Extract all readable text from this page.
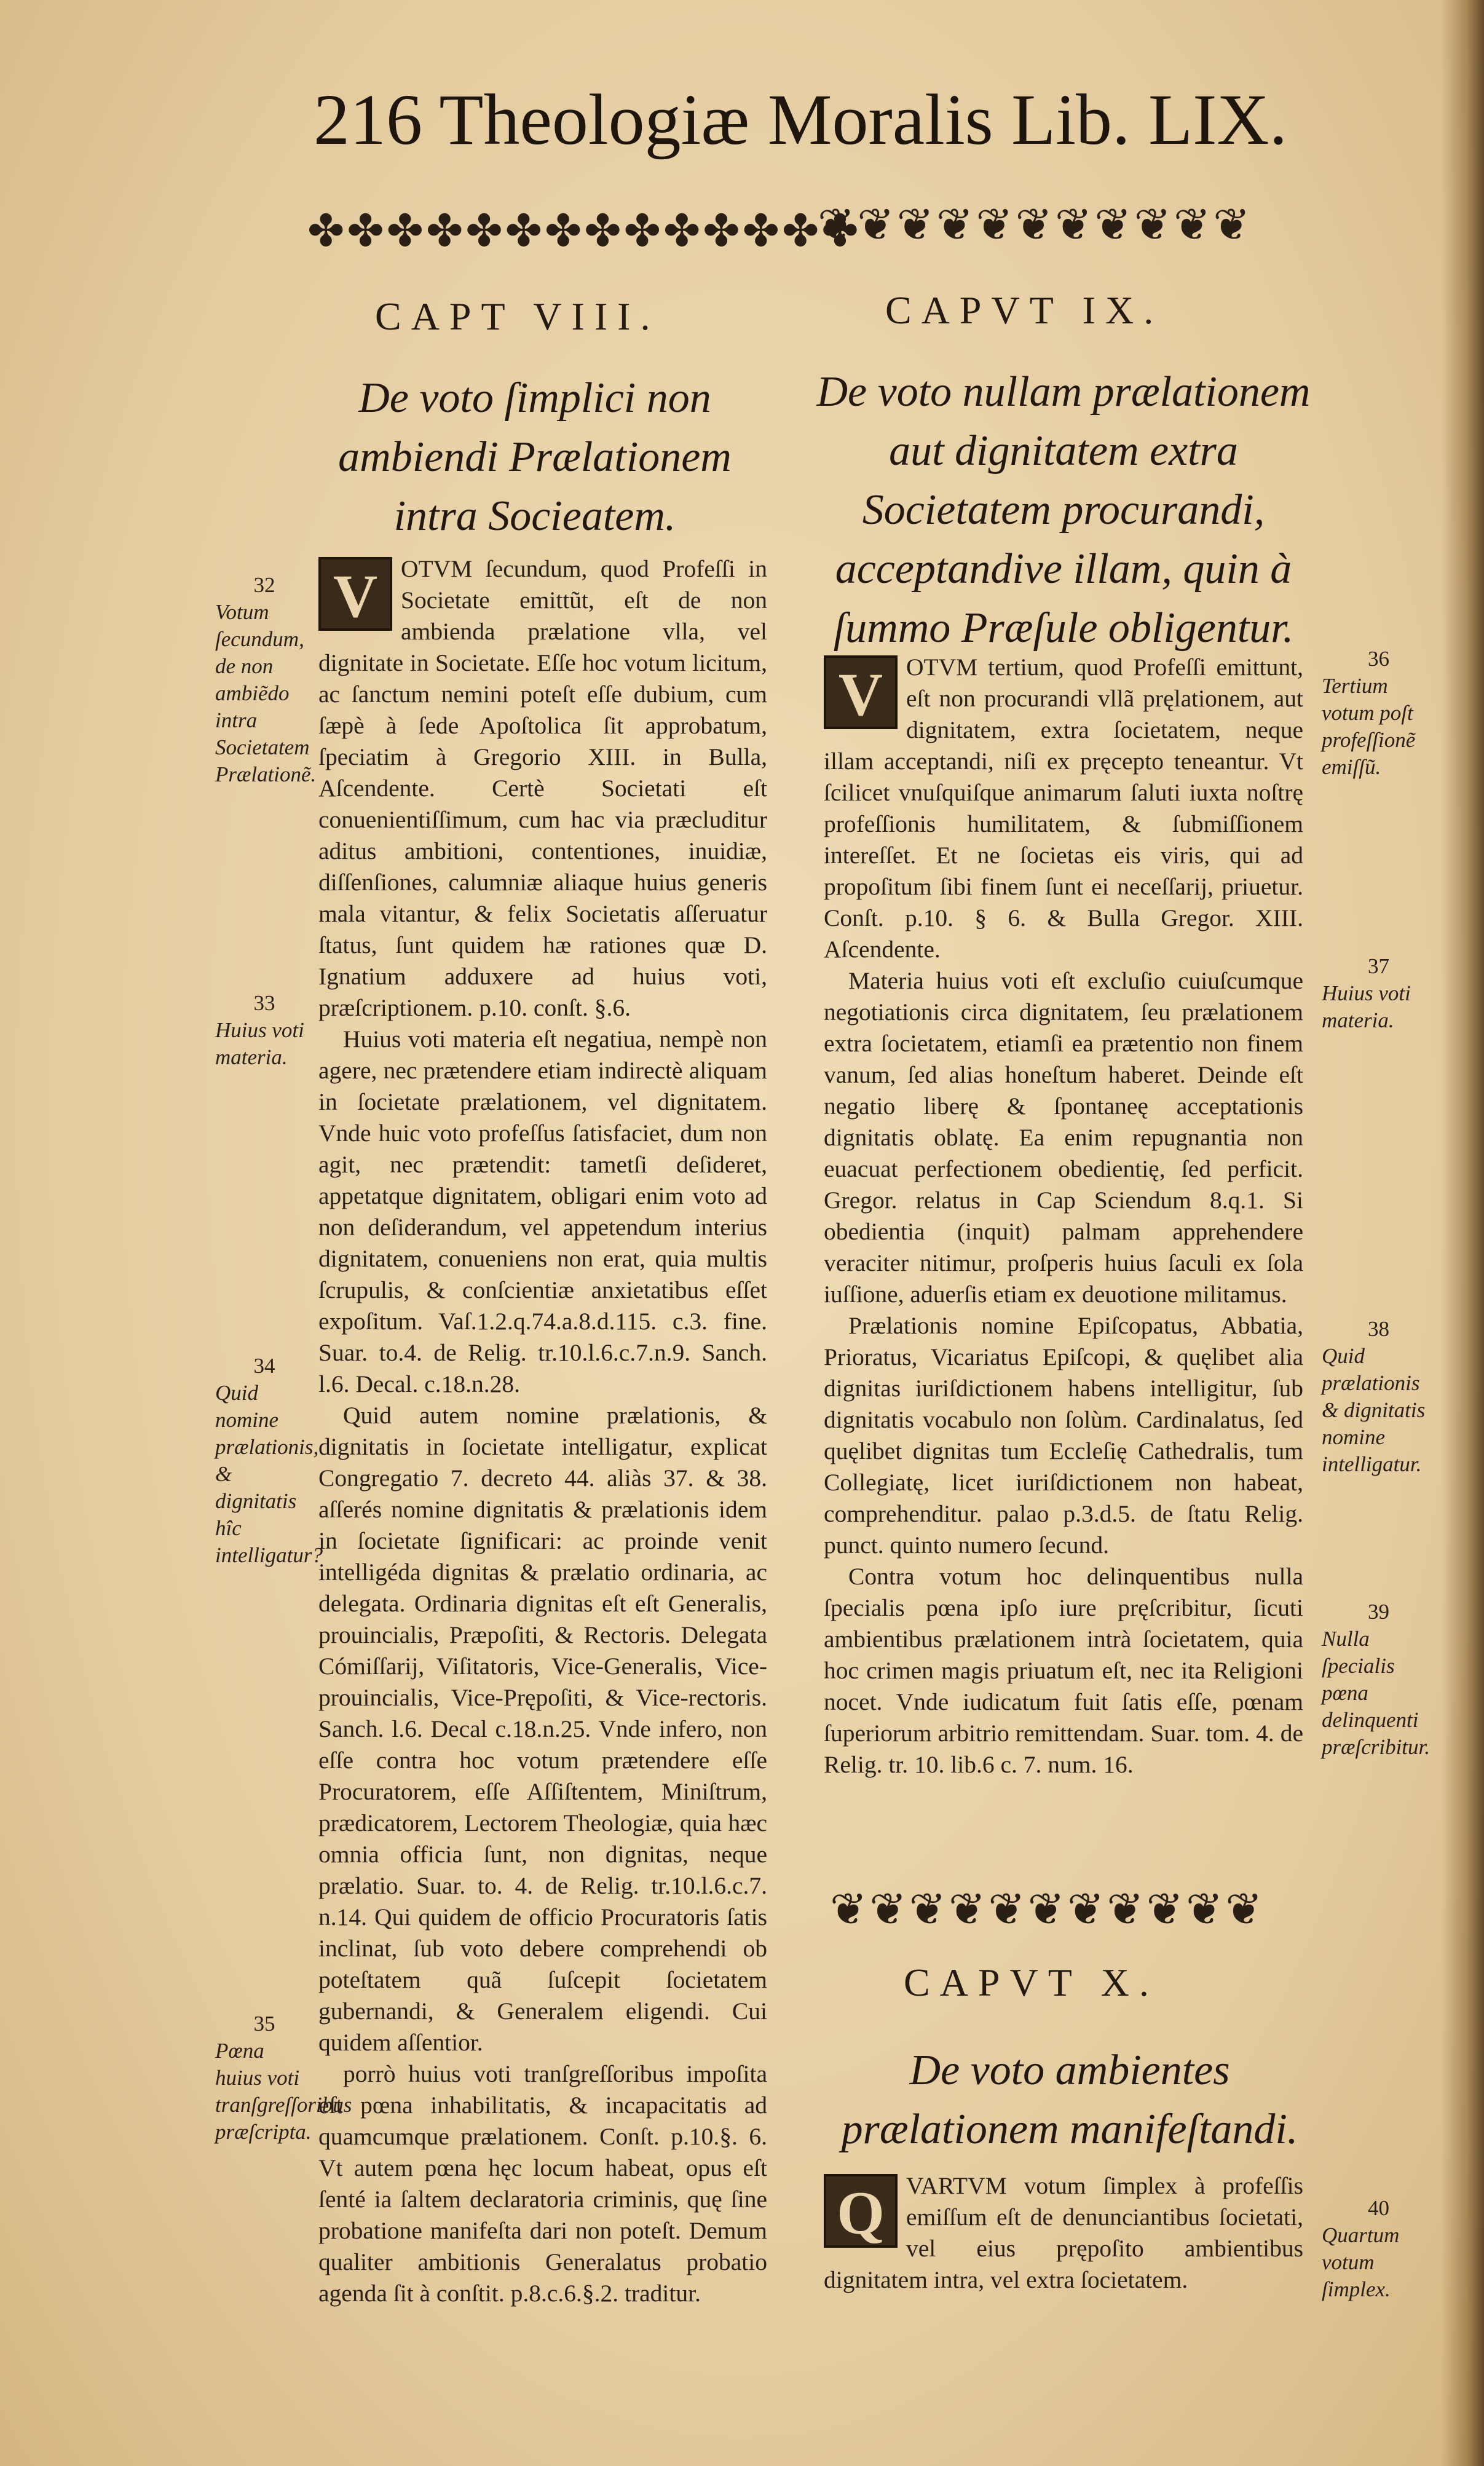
216 Theologiæ Moralis Lib. LIX.
✤✤✤✤✤✤✤✤✤✤✤✤✤✤
❦❦❦❦❦❦❦❦❦❦❦
CAPT VIII.
De voto ſimplici non ambiendi Prælationem intra Socieatem.

V OTVM ſecundum, quod Profeſſi in Societate emittũt, eſt de non ambienda prælatione vlla, vel dignitate in Societate. Eſſe hoc votum licitum, ac ſanctum nemini poteſt eſſe dubium, cum ſæpè à ſede Apoſtolica ſit approbatum, ſpeciatim à Gregorio XIII. in Bulla, Aſcendente. Certè Societati eſt conuenientiſſimum, cum hac via præcluditur aditus ambitioni, contentiones, inuidiæ, diſſenſiones, calumniæ aliaque huius generis mala vitantur, & felix Societatis aſſeruatur ſtatus, ſunt quidem hæ rationes quæ D. Ignatium adduxere ad huius voti, præſcriptionem. p.10. conſt. §.6.

Huius voti materia eſt negatiua, nempè non agere, nec prætendere etiam indirectè aliquam in ſocietate prælationem, vel dignitatem. Vnde huic voto profeſſus ſatisfaciet, dum non agit, nec prætendit: tametſi deſideret, appetatque dignitatem, obligari enim voto ad non deſiderandum, vel appetendum interius dignitatem, conueniens non erat, quia multis ſcrupulis, & conſcientiæ anxietatibus eſſet expoſitum. Vaſ.1.2.q.74.a.8.d.115. c.3. fine. Suar. to.4. de Relig. tr.10.l.6.c.7.n.9. Sanch. l.6. Decal. c.18.n.28.

Quid autem nomine prælationis, & dignitatis in ſocietate intelligatur, explicat Congregatio 7. decreto 44. aliàs 37. & 38. aſſerés nomine dignitatis & prælationis idem in ſocietate ſignificari: ac proinde venit intelligéda dignitas & prælatio ordinaria, ac delegata. Ordinaria dignitas eſt eſt Generalis, prouincialis, Præpoſiti, & Rectoris. Delegata Cómiſſarij, Viſitatoris, Vice-Generalis, Vice-prouincialis, Vice-Prępoſiti, & Vice-rectoris. Sanch. l.6. Decal c.18.n.25. Vnde infero, non eſſe contra hoc votum prætendere eſſe Procuratorem, eſſe Aſſiſtentem, Miniſtrum, prædicatorem, Lectorem Theologiæ, quia hæc omnia officia ſunt, non dignitas, neque prælatio. Suar. to. 4. de Relig. tr.10.l.6.c.7. n.14. Qui quidem de officio Procuratoris ſatis inclinat, ſub voto debere comprehendi ob poteſtatem quã ſuſcepit ſocietatem gubernandi, & Generalem eligendi. Cui quidem aſſentior.

porrò huius voti tranſgreſſoribus impoſita eſt pœna inhabilitatis, & incapacitatis ad quamcumque prælationem. Conſt. p.10.§. 6. Vt autem pœna hęc locum habeat, opus eſt ſenté ia ſaltem declaratoria criminis, quę ſine probatione manifeſta dari non poteſt. Demum qualiter ambitionis Generalatus probatio agenda ſit à conſtit. p.8.c.6.§.2. traditur.

32
Votum ſecundum, de non ambiẽdo intra Societatem Prælationẽ.
33
Huius voti materia.
34
Quid nomine prælationis, & dignitatis hîc intelligatur?
35
Pœna huius voti tranſgreſſoribus præſcripta.
CAPVT IX.
De voto nullam prælationem aut dignitatem extra Societatem procurandi, acceptandive illam, quin à ſummo Præſule obligentur.

V OTVM tertium, quod Profeſſi emittunt, eſt non procurandi vllã pręlationem, aut dignitatem, extra ſocietatem, neque illam acceptandi, niſi ex pręcepto teneantur. Vt ſcilicet vnuſquiſque animarum ſaluti iuxta noſtrę profeſſionis humilitatem, & ſubmiſſionem intereſſet. Et ne ſocietas eis viris, qui ad propoſitum ſibi finem ſunt ei neceſſarij, priuetur. Conſt. p.10. § 6. & Bulla Gregor. XIII. Aſcendente.

Materia huius voti eſt excluſio cuiuſcumque negotiationis circa dignitatem, ſeu prælationem extra ſocietatem, etiamſi ea prætentio non finem vanum, ſed alias honeſtum haberet. Deinde eſt negatio liberę & ſpontaneę acceptationis dignitatis oblatę. Ea enim repugnantia non euacuat perfectionem obedientię, ſed perficit. Gregor. relatus in Cap Sciendum 8.q.1. Si obedientia (inquit) palmam apprehendere veraciter nitimur, proſperis huius ſaculi ex ſola iuſſione, aduerſis etiam ex deuotione militamus.

Prælationis nomine Epiſcopatus, Abbatia, Prioratus, Vicariatus Epiſcopi, & quęlibet alia dignitas iuriſdictionem habens intelligitur, ſub dignitatis vocabulo non ſolùm. Cardinalatus, ſed quęlibet dignitas tum Eccleſię Cathedralis, tum Collegiatę, licet iuriſdictionem non habeat, comprehenditur. palao p.3.d.5. de ſtatu Relig. punct. quinto numero ſecund.

Contra votum hoc delinquentibus nulla ſpecialis pœna ipſo iure pręſcribitur, ſicuti ambientibus prælationem intrà ſocietatem, quia hoc crimen magis priuatum eſt, nec ita Religioni nocet. Vnde iudicatum fuit ſatis eſſe, pœnam ſuperiorum arbitrio remittendam. Suar. tom. 4. de Relig. tr. 10. lib.6 c. 7. num. 16.

36
Tertium votum poſt profeſſionẽ emiſſũ.
37
Huius voti materia.
38
Quid prælationis & dignitatis nomine intelligatur.
39
Nulla ſpecialis pœna delinquenti præſcribitur.
❦❦❦❦❦❦❦❦❦❦❦
CAPVT X.
De voto ambientes prælationem manifeſtandi.

Q VARTVM votum ſimplex à profeſſis emiſſum eſt de denunciantibus ſocietati, vel eius prępoſito ambientibus dignitatem intra, vel extra ſocietatem.

40
Quartum votum ſimplex.
